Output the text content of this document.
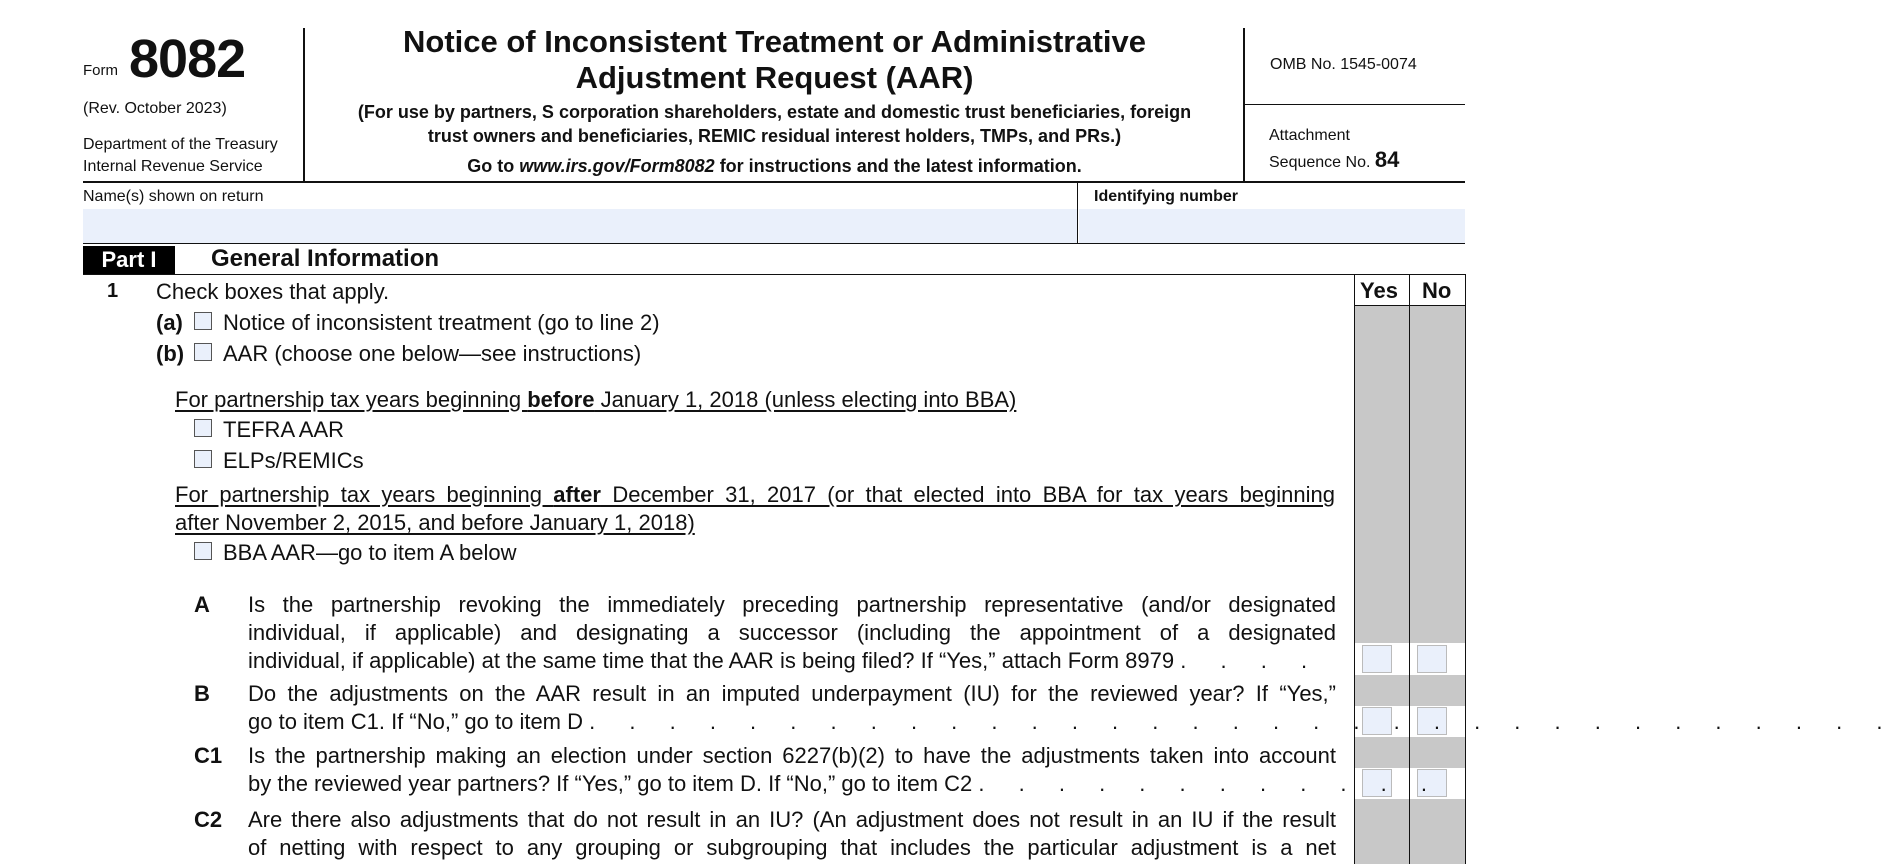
Form 8082
(Rev. October 2023)
Department of the Treasury
Internal Revenue Service
Notice of Inconsistent Treatment or Administrative
Adjustment Request (AAR)
(For use by partners, S corporation shareholders, estate and domestic trust beneficiaries, foreign
trust owners and beneficiaries, REMIC residual interest holders, TMPs, and PRs.)
Go to www.irs.gov/Form8082 for instructions and the latest information.
OMB No. 1545-0074
Attachment
Sequence No. 84
Name(s) shown on return	Identifying number
Part I	General Information
Yes No
1 Check boxes that apply.
(a) Notice of inconsistent treatment (go to line 2)
(b) AAR (choose one below—see instructions)
For partnership tax years beginning before January 1, 2018 (unless electing into BBA)
TEFRA AAR
ELPs/REMICs
For partnership tax years beginning after December 31, 2017 (or that elected into BBA for tax years beginning
after November 2, 2015, and before January 1, 2018)
BBA AAR—go to item A below
A Is the partnership revoking the immediately preceding partnership representative (and/or designated
individual, if applicable) and designating a successor (including the appointment of a designated
individual, if applicable) at the same time that the AAR is being filed? If “Yes,” attach Form 8979 . . . .
B Do the adjustments on the AAR result in an imputed underpayment (IU) for the reviewed year? If “Yes,”
go to item C1. If “No,” go to item D . . . . . . . . . . . . . . . . . . . . . . . . . . . . . . . . .
C1 Is the partnership making an election under section 6227(b)(2) to have the adjustments taken into account
by the reviewed year partners? If “Yes,” go to item D. If “No,” go to item C2 . . . . . . . . . . . .
C2 Are there also adjustments that do not result in an IU? (An adjustment does not result in an IU if the result
of netting with respect to any grouping or subgrouping that includes the particular adjustment is a net
